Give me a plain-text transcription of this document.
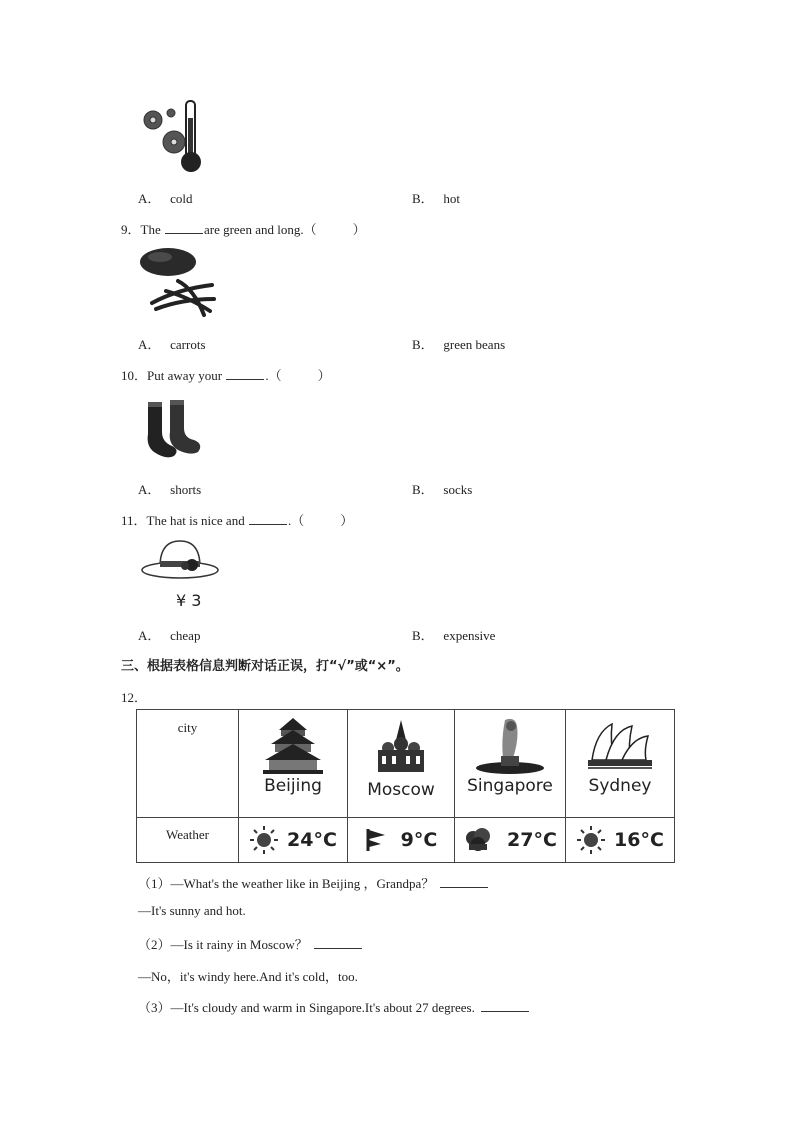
A．   cold	B．   hot
9．The	are green and long.（	）
A．   carrots	B．   green beans
10．Put away your	.（	）
A．   shorts	B．   socks
11．The hat is nice and	.（	）
¥ 3
A．   cheap	B．   expensive
三、根据表格信息判断对话正误，打“√”或“×”。
12．
city	Beijing	Moscow	Singapore	Sydney

Weather	24°C	9°C	27°C	16°C
（1）—What's the weather like in Beijing ，Grandpa？
—It's sunny and hot.
（2）—Is it rainy in Moscow？
—No，it's windy here.And it's cold，too.
（3）—It's cloudy and warm in Singapore.It's about 27 degrees.
